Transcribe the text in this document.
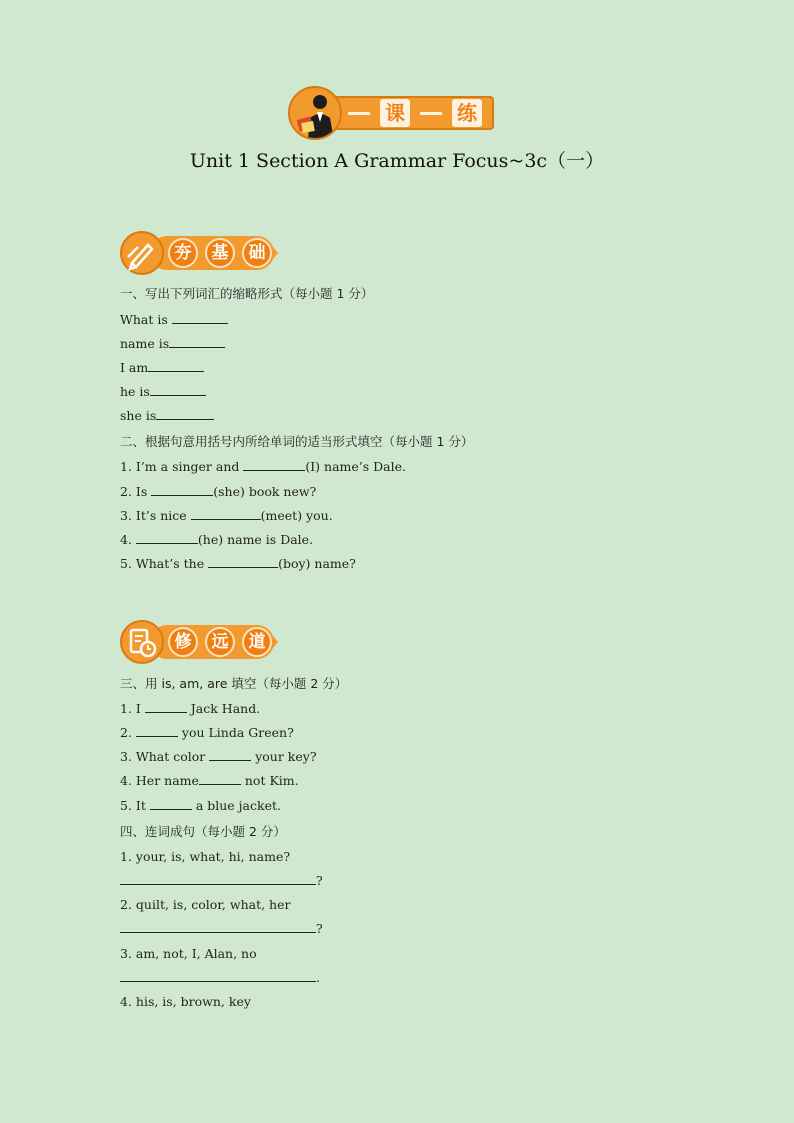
课	练
Unit 1 Section A Grammar Focus~3c（一）
夯	基	础
一、写出下列词汇的缩略形式（每小题 1 分）
What is
name is
I am
he is
she is
二、根据句意用括号内所给单词的适当形式填空（每小题 1 分）
1. I’m a singer and	(I) name’s Dale.
2. Is	(she) book new?
3. It’s nice	(meet) you.
4.	(he) name is Dale.
5. What’s the	(boy) name?
修	远	道
三、用 is, am, are 填空（每小题 2 分）
1. I	Jack Hand.
2.	you Linda Green?
3. What color	your key?
4. Her name	not Kim.
5. It	a blue jacket.
四、连词成句（每小题 2 分）
1. your, is, what, hi, name?
?
2. quilt, is, color, what, her
?
3. am, not, I, Alan, no
.
4. his, is, brown, key
